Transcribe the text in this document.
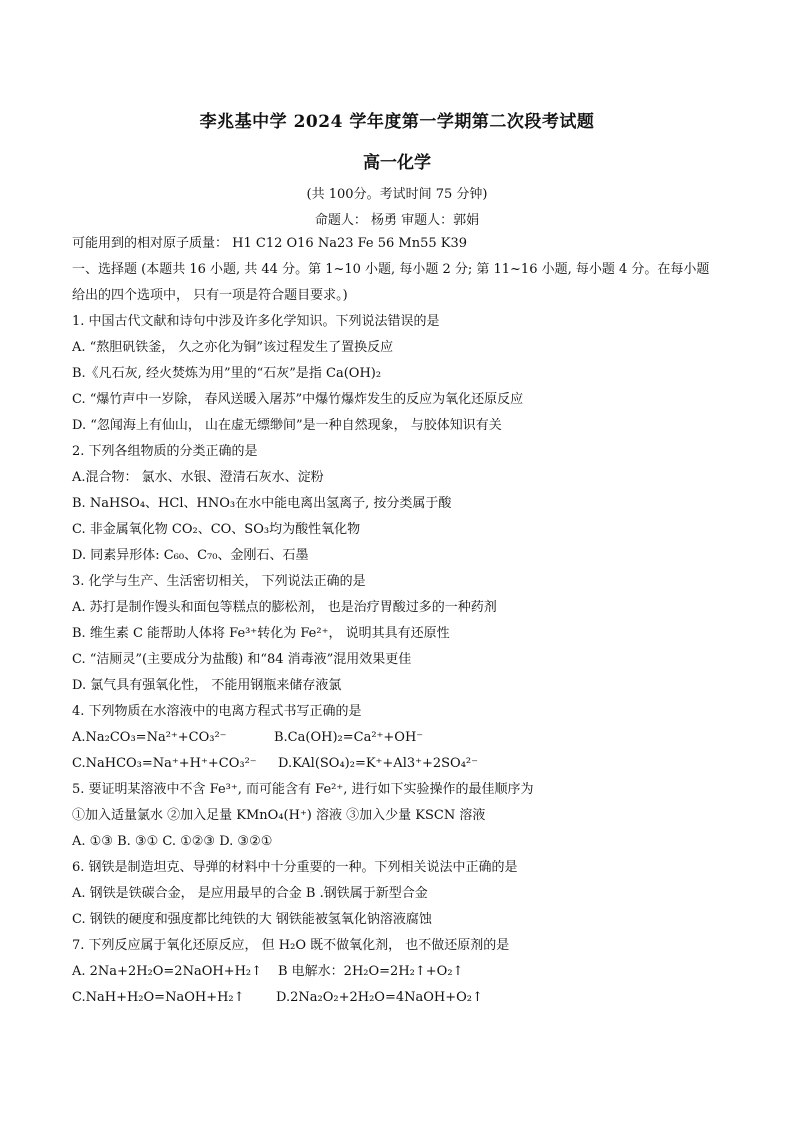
李兆基中学 2024 学年度第一学期第二次段考试题
高一化学
(共 100分。考试时间 75 分钟)
命题人： 杨勇 审题人：郭娟
可能用到的相对原子质量： H1 C12 O16 Na23 Fe 56 Mn55 K39
一、选择题 (本题共 16 小题, 共 44 分。第 1~10 小题, 每小题 2 分; 第 11~16 小题, 每小题 4 分。在每小题
给出的四个选项中， 只有一项是符合题目要求。)
1. 中国古代文献和诗句中涉及许多化学知识。下列说法错误的是
A. “熬胆矾铁釜， 久之亦化为铜”该过程发生了置换反应
B.《凡石灰, 经火焚炼为用”里的“石灰”是指 Ca(OH)₂
C. “爆竹声中一岁除， 春风送暖入屠苏”中爆竹爆炸发生的反应为氧化还原反应
D. “忽闻海上有仙山， 山在虚无缥缈间”是一种自然现象， 与胶体知识有关
2. 下列各组物质的分类正确的是
A.混合物： 氯水、水银、澄清石灰水、淀粉
B. NaHSO₄、HCl、HNO₃在水中能电离出氢离子, 按分类属于酸
C. 非金属氧化物 CO₂、CO、SO₃均为酸性氧化物
D. 同素异形体: C₆₀、C₇₀、金刚石、石墨
3. 化学与生产、生活密切相关， 下列说法正确的是
A. 苏打是制作馒头和面包等糕点的膨松剂， 也是治疗胃酸过多的一种药剂
B. 维生素 C 能帮助人体将 Fe³⁺转化为 Fe²⁺， 说明其具有还原性
C. “洁厕灵”(主要成分为盐酸) 和“84 消毒液”混用效果更佳
D. 氯气具有强氧化性， 不能用钢瓶来储存液氯
4. 下列物质在水溶液中的电离方程式书写正确的是
A.Na₂CO₃=Na²⁺+CO₃²⁻	B.Ca(OH)₂=Ca²⁺+OH⁻
C.NaHCO₃=Na⁺+H⁺+CO₃²⁻ D.KAl(SO₄)₂=K⁺+Al3⁺+2SO₄²⁻
5. 要证明某溶液中不含 Fe³⁺, 而可能含有 Fe²⁺, 进行如下实验操作的最佳顺序为
①加入适量氯水 ②加入足量 KMnO₄(H⁺) 溶液 ③加入少量 KSCN 溶液
A. ①③ B. ③① C. ①②③ D. ③②①
6. 钢铁是制造坦克、导弹的材料中十分重要的一种。下列相关说法中正确的是
A. 钢铁是铁碳合金， 是应用最早的合金 B .钢铁属于新型合金
C. 钢铁的硬度和强度都比纯铁的大 钢铁能被氢氧化钠溶液腐蚀
7. 下列反应属于氧化还原反应， 但 H₂O 既不做氧化剂， 也不做还原剂的是
A. 2Na+2H₂O=2NaOH+H₂↑ B 电解水：2H₂O=2H₂↑+O₂↑
C.NaH+H₂O=NaOH+H₂↑ D.2Na₂O₂+2H₂O=4NaOH+O₂↑
